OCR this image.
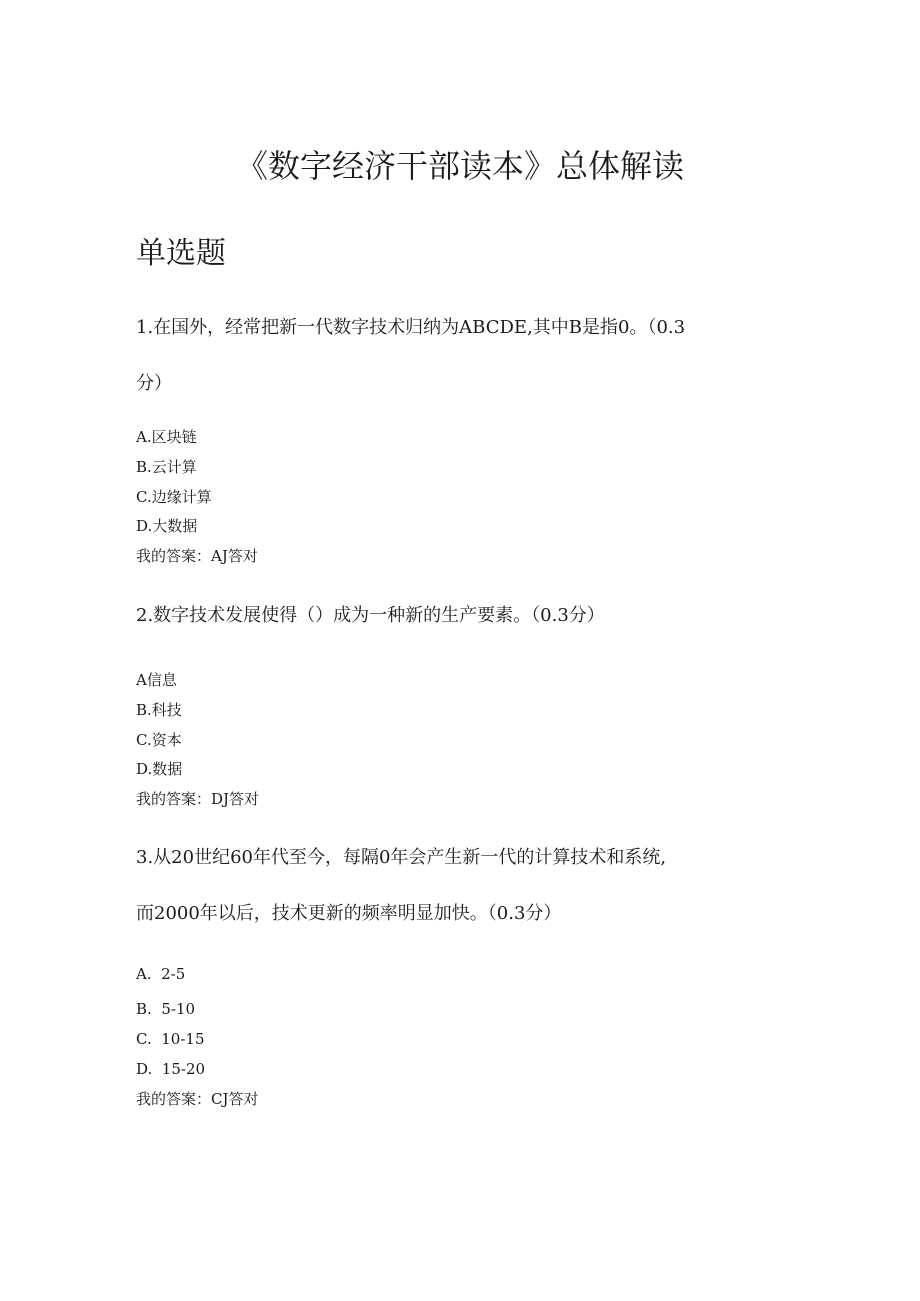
《数字经济干部读本》总体解读
单选题
1.在国外，经常把新一代数字技术归纳为ABCDE,其中B是指0。（0.3
分）
A.区块链
B.云计算
C.边缘计算
D.大数据
我的答案：AJ答对
2.数字技术发展使得（）成为一种新的生产要素。（0.3分）
A信息
B.科技
C.资本
D.数据
我的答案：DJ答对
3.从20世纪60年代至今，每隔0年会产生新一代的计算技术和系统,
而2000年以后，技术更新的频率明显加快。（0.3分）
A.  2-5
B.  5-10
C.  10-15
D.  15-20
我的答案：CJ答对
